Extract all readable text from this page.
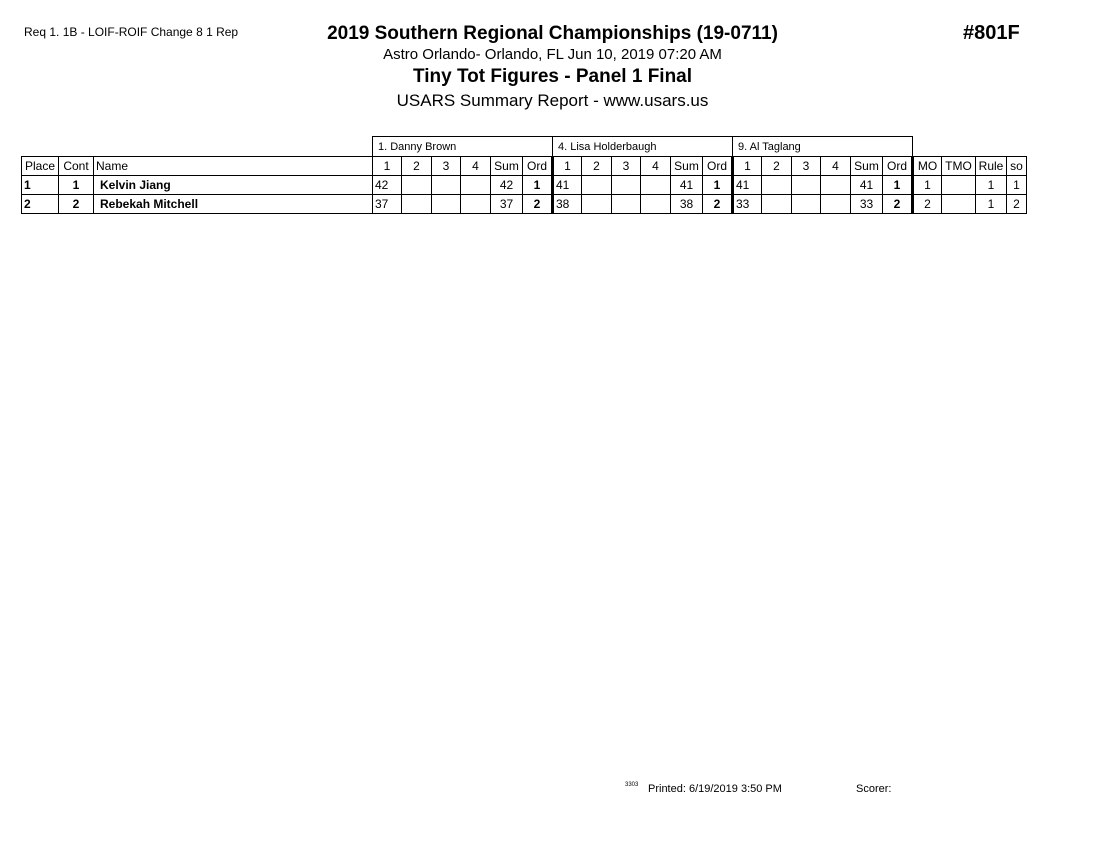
Req 1. 1B - LOIF-ROIF Change 8 1 Rep	#801F
2019 Southern Regional Championships (19-0711)
Astro Orlando- Orlando, FL Jun 10, 2019 07:20 AM
Tiny Tot Figures - Panel 1 Final
USARS Summary Report - www.usars.us
			1. Danny Brown						4. Lisa Holderbaugh						9. Al Taglang									
Place	Cont	Name	1	2	3	4	Sum	Ord	1	2	3	4	Sum	Ord	1	2	3	4	Sum	Ord	MO	TMO	Rule	so
1	1	Kelvin Jiang	42				42	1	41				41	1	41				41	1	1		1	1
2	2	Rebekah Mitchell	37				37	2	38				38	2	33				33	2	2		1	2
3303 Printed: 6/19/2019 3:50 PM	Scorer:
